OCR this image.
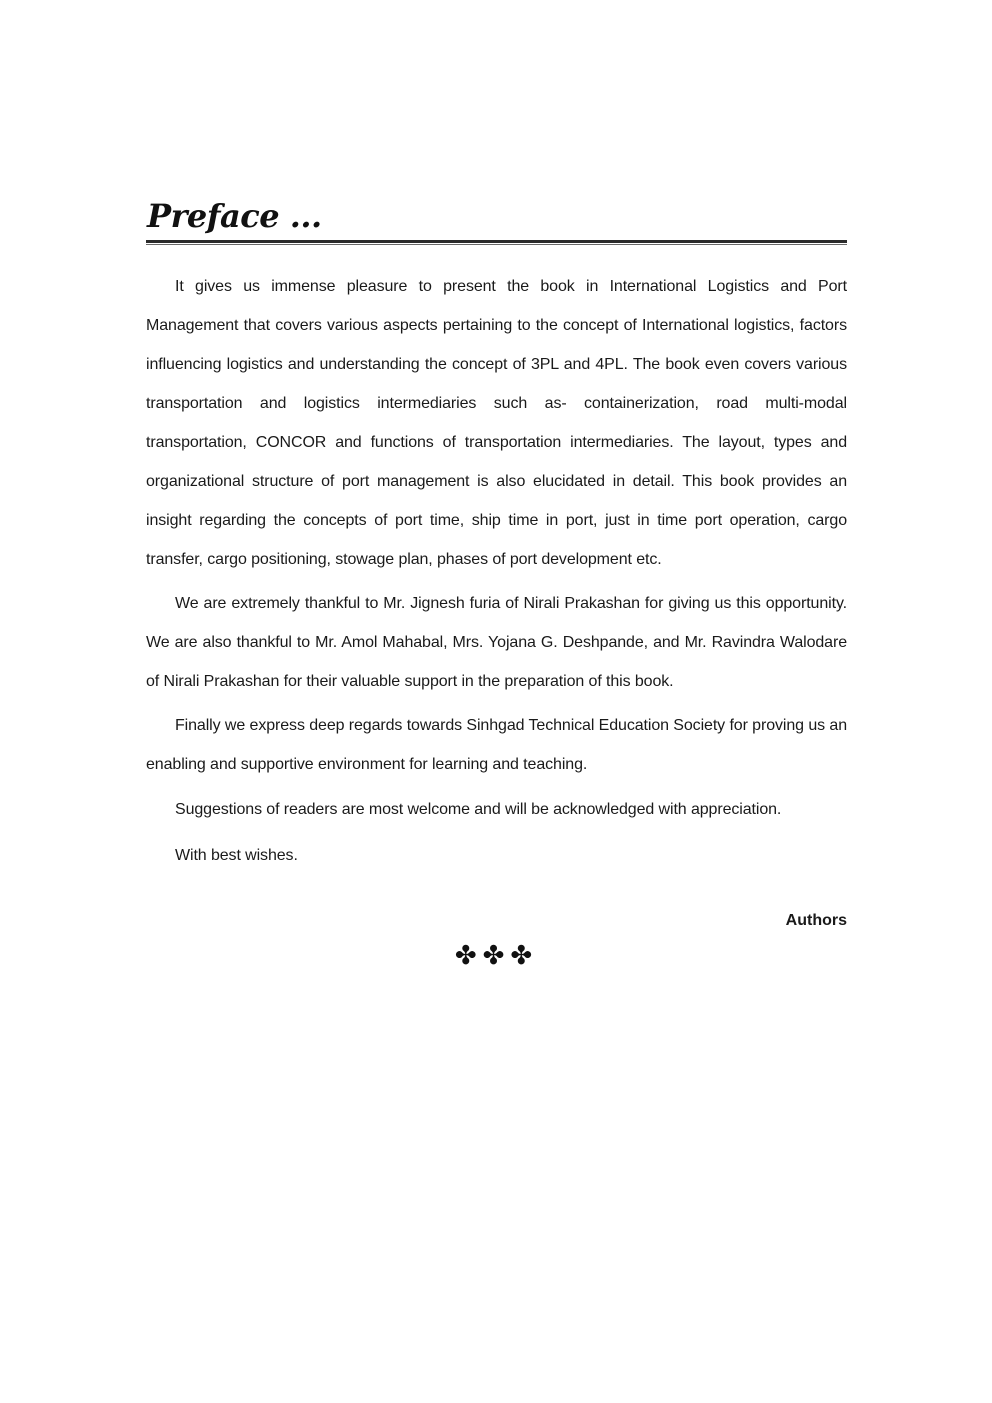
Preface ...

It gives us immense pleasure to present the book in International Logistics and Port Management that covers various aspects pertaining to the concept of International logistics, factors influencing logistics and understanding the concept of 3PL and 4PL. The book even covers various transportation and logistics intermediaries such as- containerization, road multi-modal transportation, CONCOR and functions of transportation intermediaries. The layout, types and organizational structure of port management is also elucidated in detail. This book provides an insight regarding the concepts of port time, ship time in port, just in time port operation, cargo transfer, cargo positioning, stowage plan, phases of port development etc.

We are extremely thankful to Mr. Jignesh furia of Nirali Prakashan for giving us this opportunity. We are also thankful to Mr. Amol Mahabal, Mrs. Yojana G. Deshpande, and Mr. Ravindra Walodare of Nirali Prakashan for their valuable support in the preparation of this book.

Finally we express deep regards towards Sinhgad Technical Education Society for proving us an enabling and supportive environment for learning and teaching.

Suggestions of readers are most welcome and will be acknowledged with appreciation.

With best wishes.

Authors
✤✤✤
